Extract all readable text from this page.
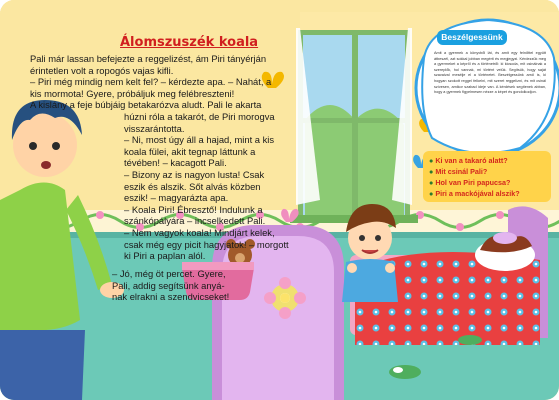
Álomszuszék koala

Pali már lassan befejezte a reggelizést, ám Piri tányérján

érintetlen volt a ropogós vajas kifli.

– Piri még mindig nem kelt fel? – kérdezte apa. – Nahát, a

kis mormota! Gyere, próbáljuk meg felébreszteni!

A kislány a feje búbjáig betakarózva aludt. Pali le akarta

húzni róla a takarót, de Piri morogva

visszarántotta.

– Ni, most úgy áll a hajad, mint a kis

koala fülei, akit tegnap láttunk a

tévében! – kacagott Pali.

– Bizony az is nagyon lusta! Csak

eszik és alszik. Sőt alvás közben

eszik! – magyarázta apa.

– Koala Piri! Ébresztő! Indulunk a

szánkópályára – incselkedett Pali.

– Nem vagyok koala! Mindjárt kelek,

csak még egy picit hagyjatok! – morgott

ki Piri a paplan alól.

– Jó, még öt percet. Gyere,

Pali, addig segítsünk anyá-

nak elrakni a szendvicseket!

Beszélgessünk

Amit a gyermek a könyvből lát, és amit egy felnőttel együtt átbeszél, azt sokkal jobban megérti és megjegyzi. Kérdezzük meg a gyermeket a képről és a történetről: ki kicsoda, mit csinálnak a szereplők, hol vannak, mi történt velük. Segítsük, hogy saját szavaival mesélje el a történetet. Beszélgessünk arról is, ki hogyan szokott reggel felkelni, mit szeret reggelizni, és mit csinál szívesen, amikor szabad ideje van. A kérdések segítenek abban, hogy a gyermek figyelmesen nézze a képet és gondolkodjon.

● Ki van a takaró alatt?
● Mit csinál Pali?
● Hol van Piri papucsa?
● Piri a mackójával alszik?
